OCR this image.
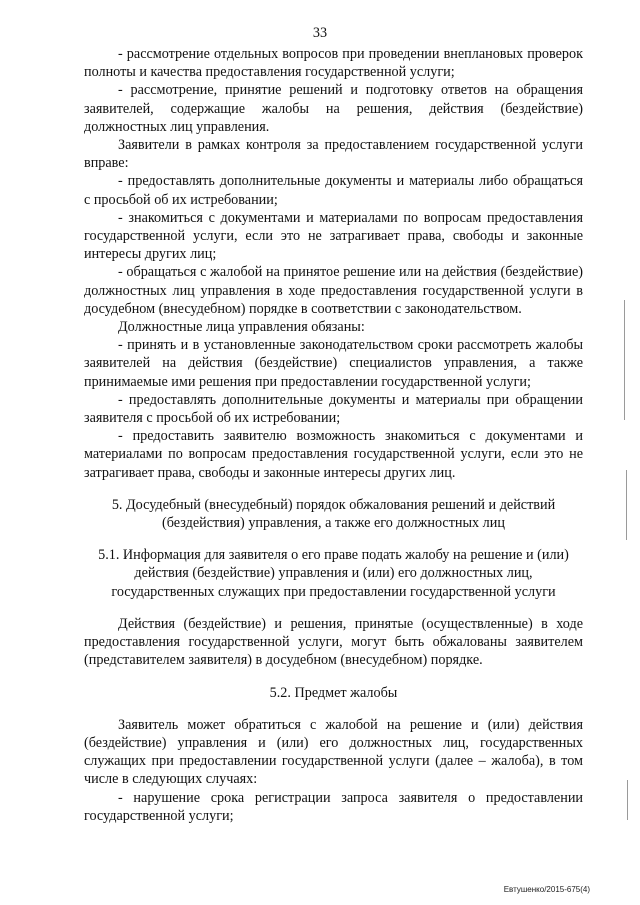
33

- рассмотрение отдельных вопросов при проведении внеплановых проверок полноты и качества предоставления государственной услуги;

- рассмотрение, принятие решений и подготовку ответов на обращения заявителей, содержащие жалобы на решения, действия (бездействие) должностных лиц управления.

Заявители в рамках контроля за предоставлением государственной услуги вправе:

- предоставлять дополнительные документы и материалы либо обращаться с просьбой об их истребовании;

- знакомиться с документами и материалами по вопросам предоставления государственной услуги, если это не затрагивает права, свободы и законные интересы других лиц;

- обращаться с жалобой на принятое решение или на действия (бездействие) должностных лиц управления в ходе предоставления государственной услуги в досудебном (внесудебном) порядке в соответствии с законодательством.

Должностные лица управления обязаны:

- принять и в установленные законодательством сроки рассмотреть жалобы заявителей на действия (бездействие) специалистов управления, а также принимаемые ими решения при предоставлении государственной услуги;

- предоставлять дополнительные документы и материалы при обращении заявителя с просьбой об их истребовании;

- предоставить заявителю возможность знакомиться с документами и материалами по вопросам предоставления государственной услуги, если это не затрагивает права, свободы и законные интересы других лиц.

5. Досудебный (внесудебный) порядок обжалования решений и действий (бездействия) управления, а также его должностных лиц
5.1. Информация для заявителя о его праве подать жалобу на решение и (или) действия (бездействие) управления и (или) его должностных лиц, государственных служащих при предоставлении государственной услуги

Действия (бездействие) и решения, принятые (осуществленные) в ходе предоставления государственной услуги, могут быть обжалованы заявителем (представителем заявителя) в досудебном (внесудебном) порядке.

5.2. Предмет жалобы

Заявитель может обратиться с жалобой на решение и (или) действия (бездействие) управления и (или) его должностных лиц, государственных служащих при предоставлении государственной услуги (далее – жалоба), в том числе в следующих случаях:

- нарушение срока регистрации запроса заявителя о предоставлении государственной услуги;

Евтушенко/2015-675(4)
